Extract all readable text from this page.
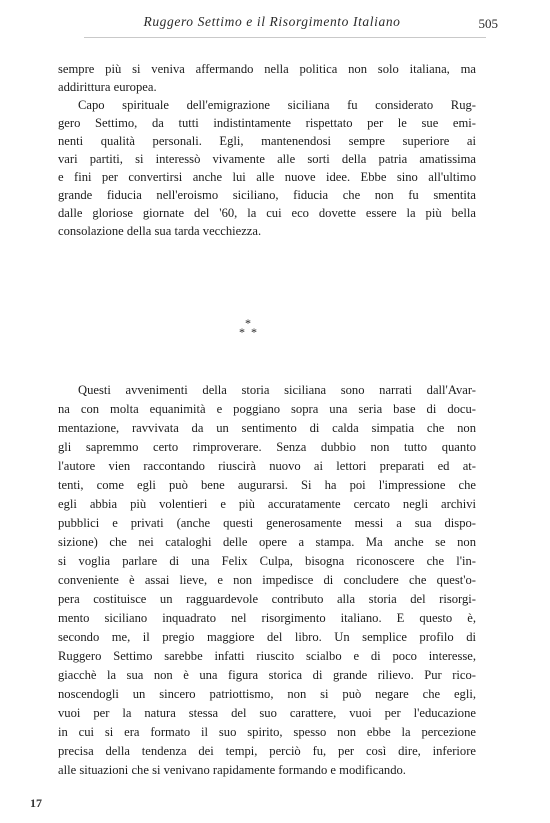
Ruggero Settimo e il Risorgimento Italiano	505
sempre più si veniva affermando nella politica non solo italiana, ma
addirittura europea.
Capo spirituale dell'emigrazione siciliana fu considerato Rug-
gero Settimo, da tutti indistintamente rispettato per le sue emi-
nenti qualità personali. Egli, mantenendosi sempre superiore ai
vari partiti, si interessò vivamente alle sorti della patria amatissima
e fini per convertirsi anche lui alle nuove idee. Ebbe sino all'ultimo
grande fiducia nell'eroismo siciliano, fiducia che non fu smentita
dalle gloriose giornate del '60, la cui eco dovette essere la più bella
consolazione della sua tarda vecchiezza.
*
* *
Questi avvenimenti della storia siciliana sono narrati dall'Avar-
na con molta equanimità e poggiano sopra una seria base di docu-
mentazione, ravvivata da un sentimento di calda simpatia che non
gli sapremmo certo rimproverare. Senza dubbio non tutto quanto
l'autore vien raccontando riuscirà nuovo ai lettori preparati ed at-
tenti, come egli può bene augurarsi. Si ha poi l'impressione che
egli abbia più volentieri e più accuratamente cercato negli archivi
pubblici e privati (anche questi generosamente messi a sua dispo-
sizione) che nei cataloghi delle opere a stampa. Ma anche se non
si voglia parlare di una Felix Culpa, bisogna riconoscere che l'in-
conveniente è assai lieve, e non impedisce di concludere che quest'o-
pera costituisce un ragguardevole contributo alla storia del risorgi-
mento siciliano inquadrato nel risorgimento italiano. E questo è,
secondo me, il pregio maggiore del libro. Un semplice profilo di
Ruggero Settimo sarebbe infatti riuscito scialbo e di poco interesse,
giacchè la sua non è una figura storica di grande rilievo. Pur rico-
noscendogli un sincero patriottismo, non si può negare che egli,
vuoi per la natura stessa del suo carattere, vuoi per l'educazione
in cui si era formato il suo spirito, spesso non ebbe la percezione
precisa della tendenza dei tempi, perciò fu, per così dire, inferiore
alle situazioni che si venivano rapidamente formando e modificando.
17
